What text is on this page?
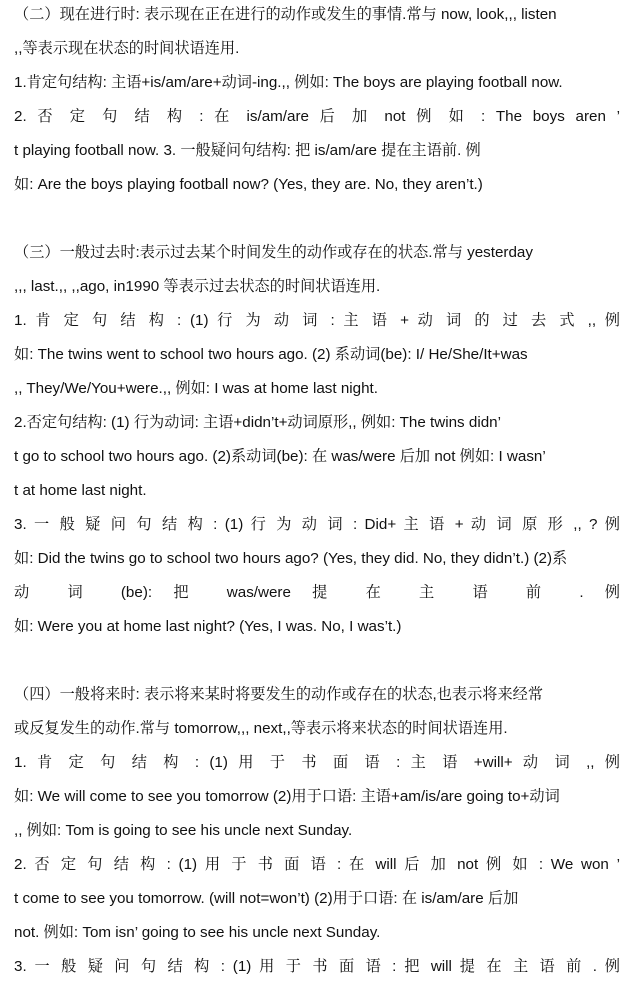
（二）现在进行时: 表示现在正在进行的动作或发生的事情.常与 now, look,,, listen
,,等表示现在状态的时间状语连用.
1.肯定句结构: 主语+is/am/are+动词-ing.,, 例如: The boys are playing football now.
2. 否 定 句 结 构 : 在 is/am/are 后 加 not 例 如 : The boys aren ’
t playing football now. 3. 一般疑问句结构: 把 is/am/are 提在主语前. 例
如: Are the boys playing football now? (Yes, they are. No, they aren’t.)
（三）一般过去时:表示过去某个时间发生的动作或存在的状态.常与 yesterday
,,, last.,, ,,ago, in1990 等表示过去状态的时间状语连用.
1. 肯 定 句 结 构 : (1) 行 为 动 词 : 主 语 + 动 词 的 过 去 式 ,, 例
如: The twins went to school two hours ago. (2) 系动词(be): I/ He/She/It+was
,, They/We/You+were.,, 例如: I was at home last night.
2.否定句结构: (1) 行为动词: 主语+didn’t+动词原形,, 例如: The twins didn’
t go to school two hours ago. (2)系动词(be): 在 was/were 后加 not 例如: I wasn’
t at home last night.
3. 一 般 疑 问 句 结 构 : (1) 行 为 动 词 : Did+ 主 语 + 动 词 原 形 ,, ? 例
如: Did the twins go to school two hours ago? (Yes, they did. No, they didn’t.) (2)系
动 词 (be): 把 was/were 提 在 主 语 前 . 例
如: Were you at home last night? (Yes, I was. No, I was’t.)
（四）一般将来时: 表示将来某时将要发生的动作或存在的状态,也表示将来经常
或反复发生的动作.常与 tomorrow,,, next,,等表示将来状态的时间状语连用.
1. 肯 定 句 结 构 : (1) 用 于 书 面 语 : 主 语 +will+ 动 词 ,, 例
如: We will come to see you tomorrow (2)用于口语: 主语+am/is/are going to+动词
,, 例如: Tom is going to see his uncle next Sunday.
2. 否 定 句 结 构 : (1) 用 于 书 面 语 : 在 will 后 加 not 例 如 : We won ’
t come to see you tomorrow. (will not=won’t) (2)用于口语: 在 is/am/are 后加
not. 例如: Tom isn’ going to see his uncle next Sunday.
3. 一 般 疑 问 句 结 构 : (1) 用 于 书 面 语 : 把 will 提 在 主 语 前 . 例
